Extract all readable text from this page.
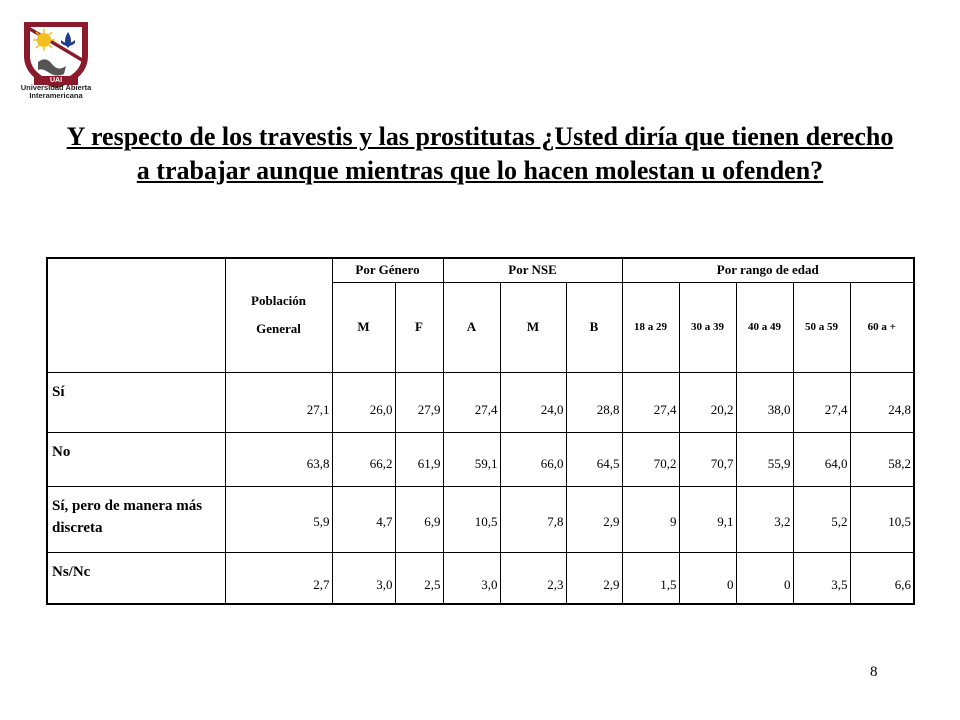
UAI
Universidad Abierta
Interamericana
Y respecto de los travestis y las prostitutas ¿Usted diría que tienen derecho a trabajar aunque mientras que lo hacen molestan u ofenden?

	Población
General	Por Género		Por NSE			Por rango de edad				
		M	F	A	M	B	18 a 29	30 a 39	40 a 49	50 a 59	60 a +
Sí	27,1	26,0	27,9	27,4	24,0	28,8	27,4	20,2	38,0	27,4	24,8
No	63,8	66,2	61,9	59,1	66,0	64,5	70,2	70,7	55,9	64,0	58,2
Sí, pero de manera más discreta	5,9	4,7	6,9	10,5	7,8	2,9	9	9,1	3,2	5,2	10,5
Ns/Nc	2,7	3,0	2,5	3,0	2,3	2,9	1,5	0	0	3,5	6,6
8
